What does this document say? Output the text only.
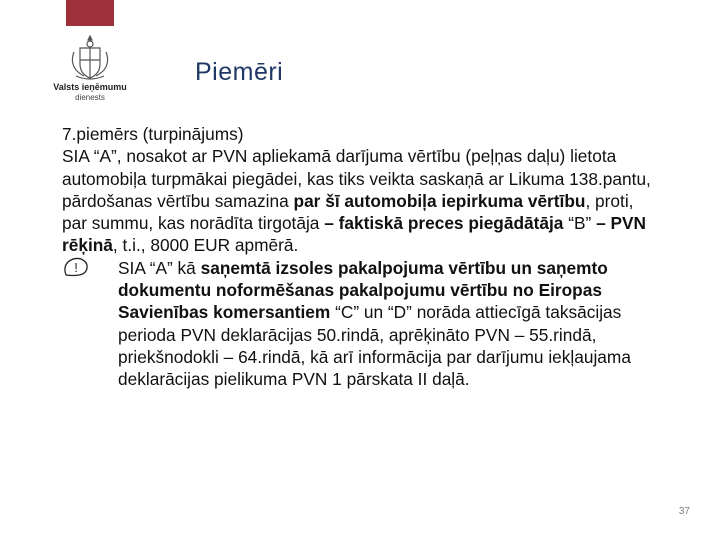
Valsts ieņēmumu
dienests
Piemēri

7.piemērs (turpinājums)

SIA “A”, nosakot ar PVN apliekamā darījuma vērtību (peļņas daļu) lietota automobiļa turpmākai piegādei, kas tiks veikta saskaņā ar Likuma 138.pantu, pārdošanas vērtību samazina par šī automobiļa iepirkuma vērtību, proti, par summu, kas norādīta tirgotāja – faktiskā preces piegādātāja “B” – PVN rēķinā, t.i., 8000 EUR apmērā.

! SIA “A” kā saņemtā izsoles pakalpojuma vērtību un saņemto dokumentu noformēšanas pakalpojumu vērtību no Eiropas Savienības komersantiem “C” un “D” norāda attiecīgā taksācijas perioda PVN deklarācijas 50.rindā, aprēķināto PVN – 55.rindā, priekšnodokli – 64.rindā, kā arī informācija par darījumu iekļaujama deklarācijas pielikuma PVN 1 pārskata II daļā.

37
